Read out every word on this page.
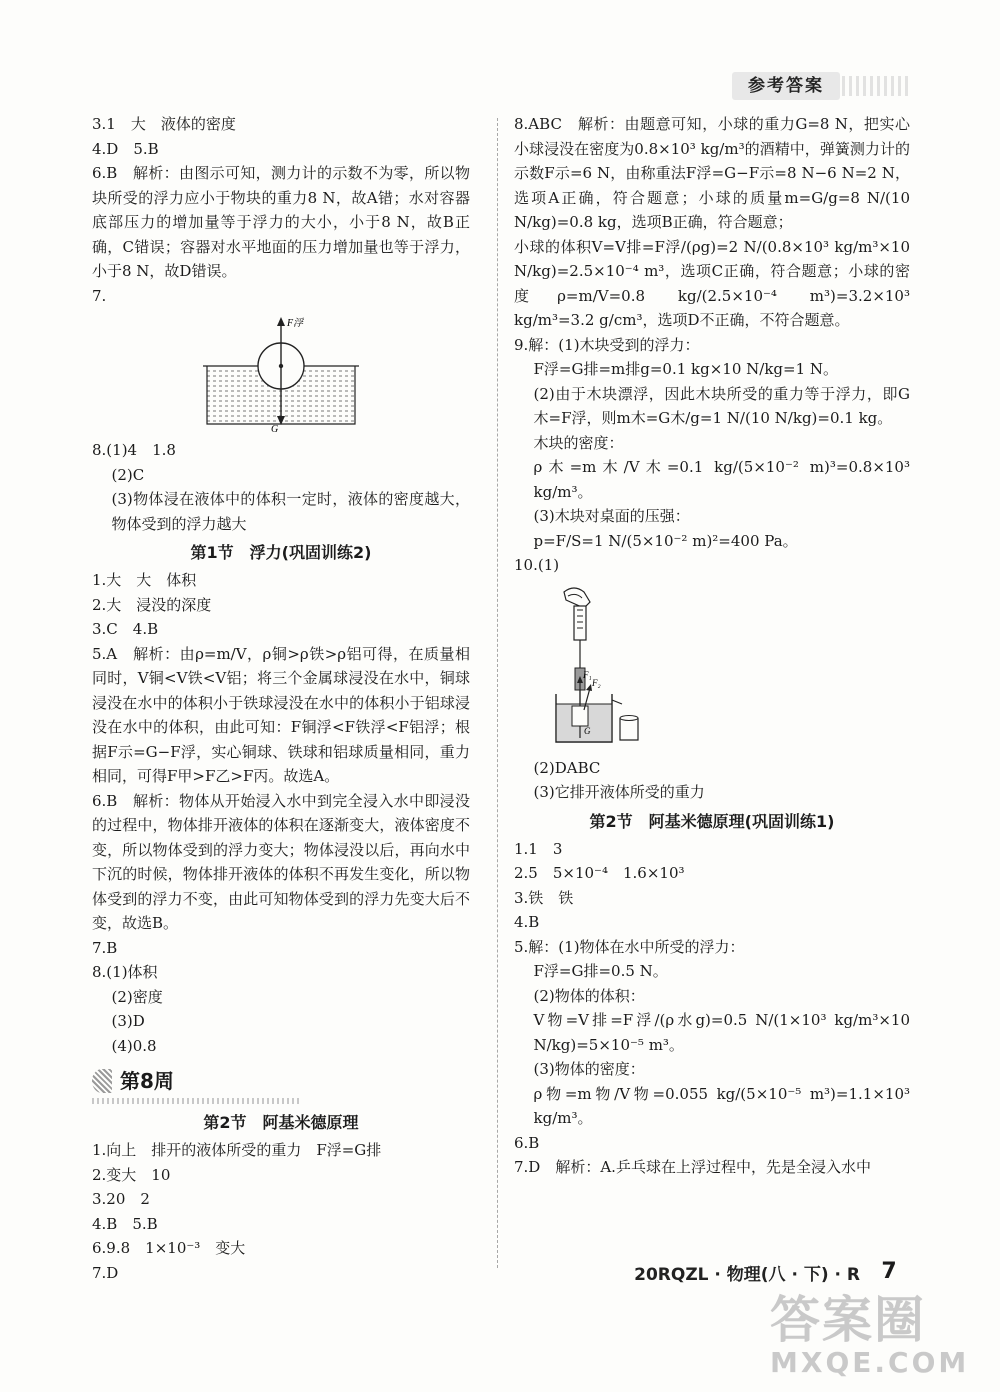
参考答案

3.1　大　液体的密度

4.D　5.B

6.B　解析：由图示可知，测力计的示数不为零，所以物块所受的浮力应小于物块的重力8 N，故A错；水对容器底部压力的增加量等于浮力的大小，小于8 N，故B正确，C错误；容器对水平地面的压力增加量也等于浮力，小于8 N，故D错误。

7.

F浮
G

8.(1)4　1.8

(2)C

(3)物体浸在液体中的体积一定时，液体的密度越大，物体受到的浮力越大

第1节　浮力(巩固训练2)

1.大　大　体积

2.大　浸没的深度

3.C　4.B

5.A　解析：由ρ=m/V，ρ铜>ρ铁>ρ铝可得，在质量相同时，V铜<V铁<V铝；将三个金属球浸没在水中，铜球浸没在水中的体积小于铁球浸没在水中的体积小于铝球浸没在水中的体积，由此可知：F铜浮<F铁浮<F铝浮；根据F示=G−F浮，实心铜球、铁球和铝球质量相同，重力相同，可得F甲>F乙>F丙。故选A。

6.B　解析：物体从开始浸入水中到完全浸入水中即浸没的过程中，物体排开液体的体积在逐渐变大，液体密度不变，所以物体受到的浮力变大；物体浸没以后，再向水中下沉的时候，物体排开液体的体积不再发生变化，所以物体受到的浮力不变，由此可知物体受到的浮力先变大后不变，故选B。

7.B

8.(1)体积

(2)密度

(3)D

(4)0.8

第8周
第2节　阿基米德原理

1.向上　排开的液体所受的重力　F浮=G排

2.变大　10

3.20　2

4.B　5.B

6.9.8　1×10⁻³　变大

7.D

8.ABC　解析：由题意可知，小球的重力G=8 N，把实心小球浸没在密度为0.8×10³ kg/m³的酒精中，弹簧测力计的示数F示=6 N，由称重法F浮=G−F示=8 N−6 N=2 N，选项A正确，符合题意；小球的质量m=G/g=8 N/(10 N/kg)=0.8 kg，选项B正确，符合题意；

小球的体积V=V排=F浮/(ρg)=2 N/(0.8×10³ kg/m³×10 N/kg)=2.5×10⁻⁴ m³，选项C正确，符合题意；小球的密度ρ=m/V=0.8 kg/(2.5×10⁻⁴ m³)=3.2×10³ kg/m³=3.2 g/cm³，选项D不正确，不符合题意。

9.解：(1)木块受到的浮力：

F浮=G排=m排g=0.1 kg×10 N/kg=1 N。

(2)由于木块漂浮，因此木块所受的重力等于浮力，即G木=F浮，则m木=G木/g=1 N/(10 N/kg)=0.1 kg。

木块的密度：

ρ木=m木/V木=0.1 kg/(5×10⁻² m)³=0.8×10³ kg/m³。

(3)木块对桌面的压强：

p=F/S=1 N/(5×10⁻² m)²=400 Pa。

10.(1)

F₁
F₂
G

(2)DABC

(3)它排开液体所受的重力

第2节　阿基米德原理(巩固训练1)

1.1　3

2.5　5×10⁻⁴　1.6×10³

3.铁　铁

4.B

5.解：(1)物体在水中所受的浮力：

F浮=G排=0.5 N。

(2)物体的体积：

V物=V排=F浮/(ρ水g)=0.5 N/(1×10³ kg/m³×10 N/kg)=5×10⁻⁵ m³。

(3)物体的密度：

ρ物=m物/V物=0.055 kg/(5×10⁻⁵ m³)=1.1×10³ kg/m³。

6.B

7.D　解析：A.乒乓球在上浮过程中，先是全浸入水中

20RQZL · 物理(八 · 下) · R 7
答案圈
MXQE.COM
